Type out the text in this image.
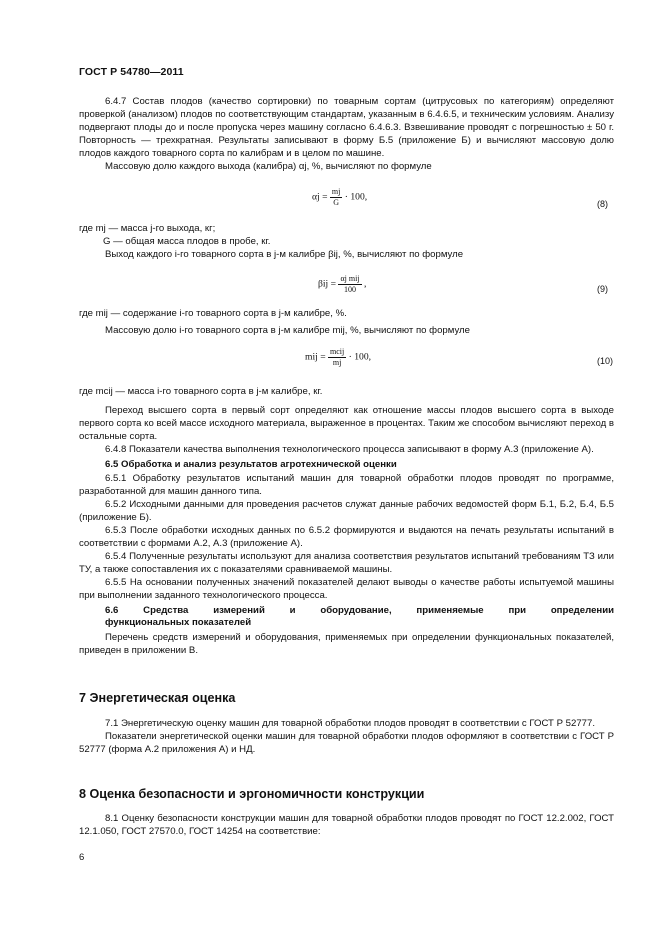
ГОСТ Р 54780—2011

6.4.7 Состав плодов (качество сортировки) по товарным сортам (цитрусовых по категориям) определяют проверкой (анализом) плодов по соответствующим стандартам, указанным в 6.4.6.5, и техническим условиям. Анализу подвергают плоды до и после пропуска через машину согласно 6.4.6.3. Взвешивание проводят с погрешностью ± 50 г. Повторность — трехкратная. Результаты записывают в форму Б.5 (приложение Б) и вычисляют массовую долю плодов каждого товарного сорта по калибрам и в целом по машине.

Массовую долю каждого выхода (калибра) αj, %, вычисляют по формуле

$\alpha j = \frac{mj}{G} \cdot 100$,
(8)

где mj — масса j-го выхода, кг;

G — общая масса плодов в пробе, кг.

Выход каждого i-го товарного сорта в j-м калибре βij, %, вычисляют по формуле

$\beta ij = \frac{\text{αj mij}}{100}$ ,	(9)

где mij — содержание i-го товарного сорта в j-м калибре, %.

Массовую долю i-го товарного сорта в j-м калибре mij, %, вычисляют по формуле

mij = $\frac{\text{mcij}}{mj} \cdot 100$,	(10)

где mcij — масса i-го товарного сорта в j-м калибре, кг.

Переход высшего сорта в первый сорт определяют как отношение массы плодов высшего сорта в выходе первого сорта ко всей массе исходного материала, выраженное в процентах. Таким же способом вычисляют переход в остальные сорта.

6.4.8 Показатели качества выполнения технологического процесса записывают в форму А.3 (приложение А).

6.5 Обработка и анализ результатов агротехнической оценки

6.5.1 Обработку результатов испытаний машин для товарной обработки плодов проводят по программе, разработанной для машин данного типа.

6.5.2 Исходными данными для проведения расчетов служат данные рабочих ведомостей форм Б.1, Б.2, Б.4, Б.5 (приложение Б).

6.5.3 После обработки исходных данных по 6.5.2 формируются и выдаются на печать результаты испытаний в соответствии с формами А.2, А.3 (приложение А).

6.5.4 Полученные результаты используют для анализа соответствия результатов испытаний требованиям ТЗ или ТУ, а также сопоставления их с показателями сравниваемой машины.

6.5.5 На основании полученных значений показателей делают выводы о качестве работы испытуемой машины при выполнении заданного технологического процесса.

6.6 Средства измерений и оборудование, применяемые при определении

функциональных показателей

Перечень средств измерений и оборудования, применяемых при определении функциональных показателей, приведен в приложении В.

7 Энергетическая оценка

7.1 Энергетическую оценку машин для товарной обработки плодов проводят в соответствии с ГОСТ Р 52777.

Показатели энергетической оценки машин для товарной обработки плодов оформляют в соответствии с ГОСТ Р 52777 (форма А.2 приложения А) и НД.

8 Оценка безопасности и эргономичности конструкции

8.1 Оценку безопасности конструкции машин для товарной обработки плодов проводят по ГОСТ 12.2.002, ГОСТ 12.1.050, ГОСТ 27570.0, ГОСТ 14254 на соответствие:

6
